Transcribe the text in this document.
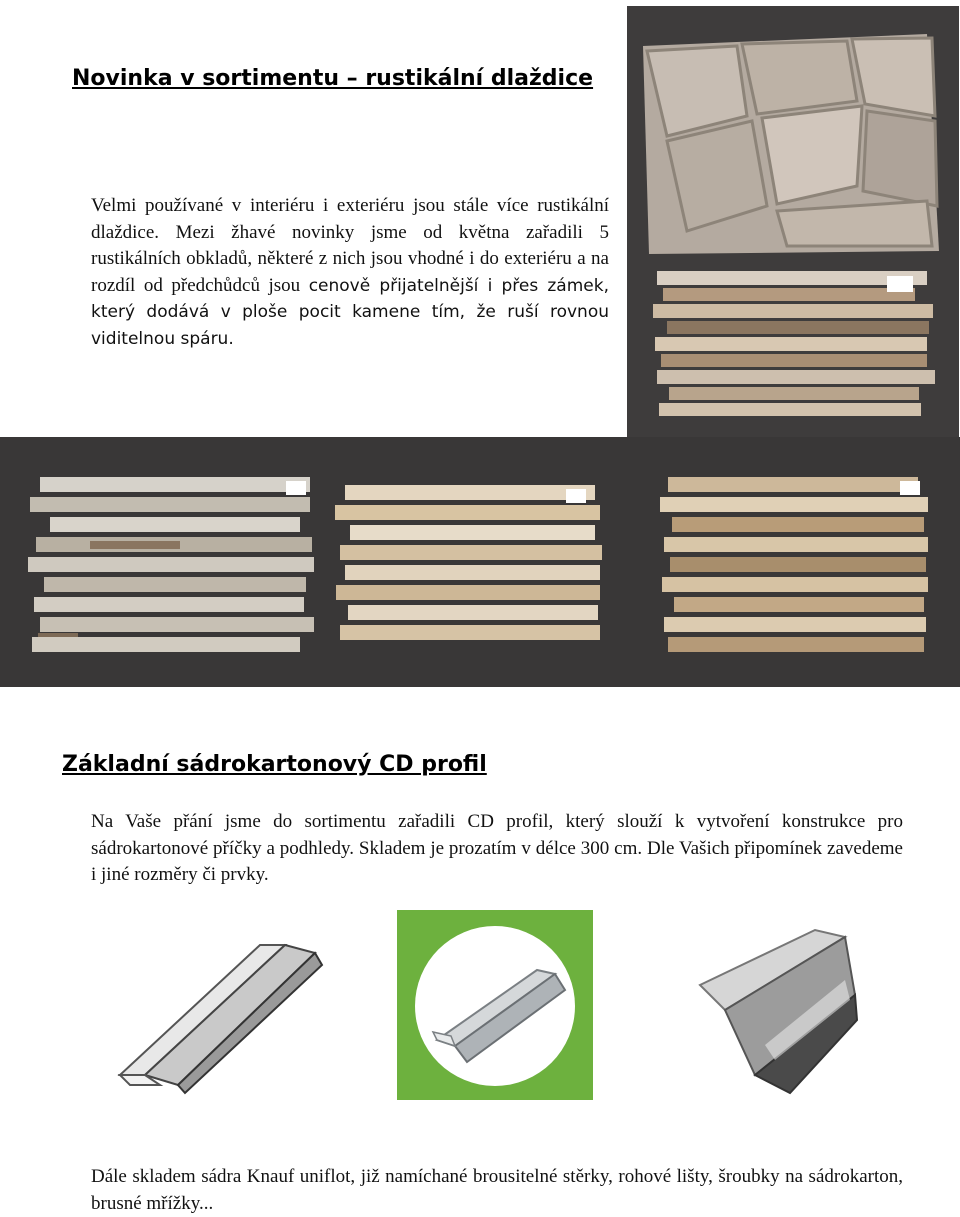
Novinka v sortimentu – rustikální dlaždice
Velmi používané v interiéru i exteriéru jsou stále více rustikální dlaždice. Mezi žhavé novinky jsme od května zařadili 5 rustikálních obkladů, některé z nich jsou vhodné i do exteriéru a na rozdíl od předchůdců jsou cenově přijatelnější i přes zámek, který dodává v ploše pocit kamene tím, že ruší rovnou viditelnou spáru.
Základní sádrokartonový CD profil
Na Vaše přání jsme do sortimentu zařadili CD profil, který slouží k vytvoření konstrukce pro sádrokartonové příčky a podhledy. Skladem je prozatím v délce 300 cm. Dle Vašich připomínek zavedeme i jiné rozměry či prvky.
Dále skladem sádra Knauf uniflot, již namíchané brousitelné stěrky, rohové lišty, šroubky na sádrokarton, brusné mřížky...
